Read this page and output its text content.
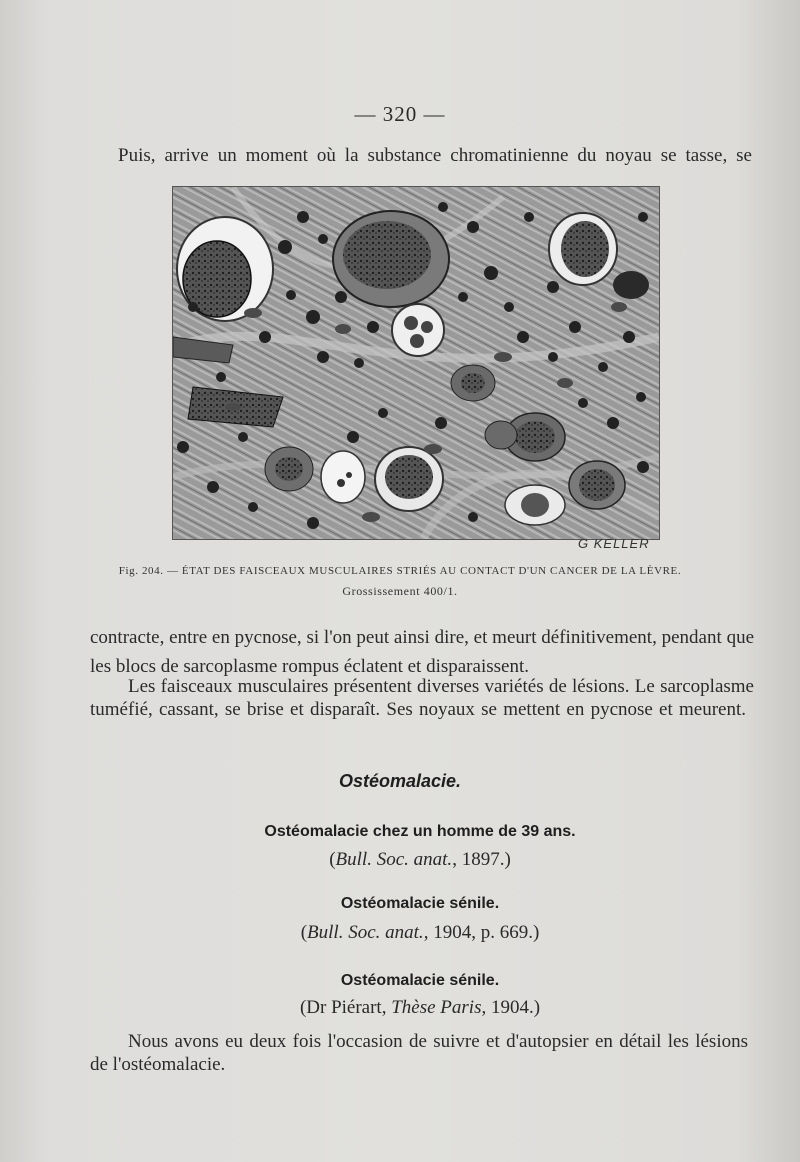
— 320 —
Puis, arrive un moment où la substance chromatinienne du noyau se tasse, se
G KELLER
Fig. 204. — ÉTAT DES FAISCEAUX MUSCULAIRES STRIÉS AU CONTACT D'UN CANCER DE LA LÈVRE.
Grossissement 400/1.
contracte, entre en pycnose, si l'on peut ainsi dire, et meurt définitivement, pendant que
les blocs de sarcoplasme rompus éclatent et disparaissent.
Les faisceaux musculaires présentent diverses variétés de lésions. Le sarcoplasme
tuméfié, cassant, se brise et disparaît. Ses noyaux se mettent en pycnose et meurent.
Ostéomalacie.
Ostéomalacie chez un homme de 39 ans.
(Bull. Soc. anat., 1897.)
Ostéomalacie sénile.
(Bull. Soc. anat., 1904, p. 669.)
Ostéomalacie sénile.
(Dr Piérart, Thèse Paris, 1904.)
Nous avons eu deux fois l'occasion de suivre et d'autopsier en détail les lésions
de l'ostéomalacie.
